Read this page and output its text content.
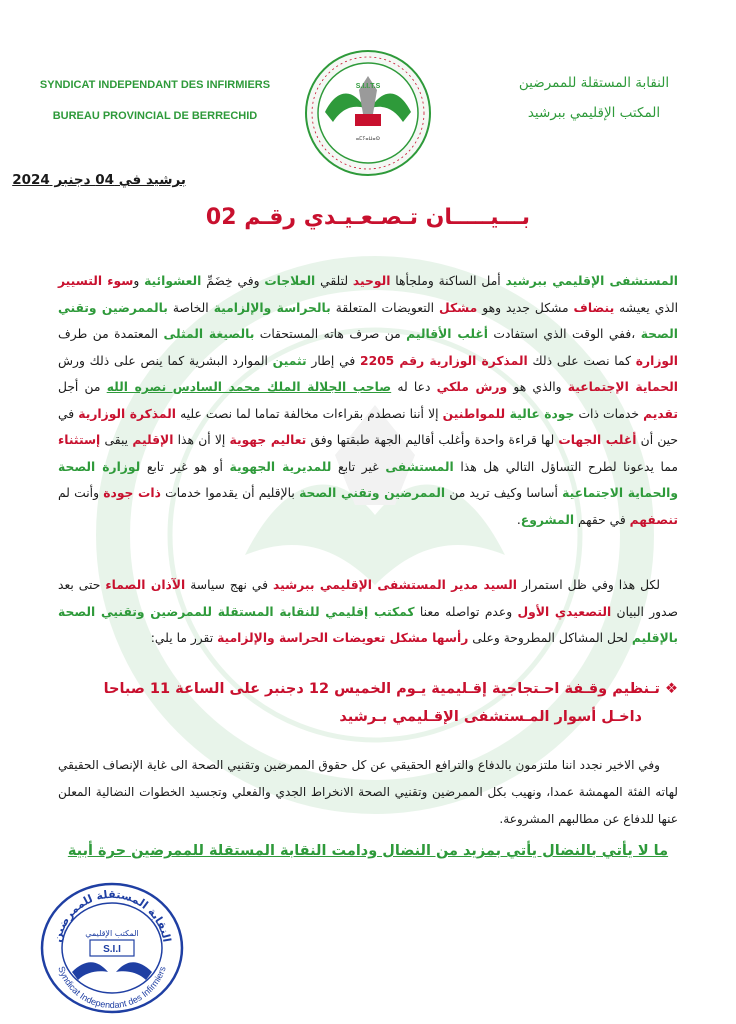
SYNDICAT INDEPENDANT DES INFIRMIERS
BUREAU PROVINCIAL DE BERRECHID
S.I.I.T.S
ⴰⵎⵢⴰⵡⴰⵙ
النقابة المستقلة للممرضين
المكتب الإقليمي ببرشيد
برشيد في 04 دجنبر 2024
بـــيـــــان تـصـعـيـدي رقـم 02
المستشفى الإقليمي ببرشيد أمل الساكنة وملجأها الوحيد لتلقي العلاجات وفي خِضَمِّ العشوائية وسوء التسيير الذي يعيشه ينضاف مشكل جديد وهو مشكل التعويضات المتعلقة بالحراسة والإلزامية الخاصة بالممرضين وتقني الصحة ،ففي الوقت الذي استفادت أغلب الأقاليم من صرف هاته المستحقات بالصيغة المثلى المعتمدة من طرف الوزارة كما نصت على ذلك المذكرة الوزارية رقم 2205 في إطار تثمين الموارد البشرية كما ينص على ذلك ورش الحماية الإجتماعية والذي هو ورش ملكي دعا له صاحب الجلالة الملك محمد السادس نصره الله من أجل تقديم خدمات ذات جودة عالية للمواطنين إلا أننا نصطدم بقراءات مخالفة تماما لما نصت عليه المذكرة الوزارية في حين أن أغلب الجهات لها قراءة واحدة وأغلب أقاليم الجهة طبقتها وفق تعاليم جهوية إلا أن هذا الإقليم يبقى إستثناء مما يدعونا لطرح التساؤل التالي هل هذا المستشفى غير تابع للمديرية الجهوية أو هو غير تابع لوزارة الصحة والحماية الاجتماعية أساسا وكيف تريد من الممرضين وتقني الصحة بالإقليم أن يقدموا خدمات ذات جودة وأنت لم تنصفهم في حقهم المشروع.
لكل هذا وفي ظل استمرار السيد مدير المستشفى الإقليمي ببرشيد في نهج سياسة الآذان الصماء حتى بعد صدور البيان التصعيدي الأول وعدم تواصله معنا كمكتب إقليمي للنقابة المستقلة للممرضين وتقنيي الصحة بالإقليم لحل المشاكل المطروحة وعلى رأسها مشكل تعويضات الحراسة والإلزامية تقرر ما يلي:
❖ تـنظيم وقـفة احـتجاجية إقـليمية يـوم الخميس 12 دجنبر على الساعة 11 صباحا
داخـل أسوار المـستشفى الإقـليمي بـرشيد
وفي الاخير نجدد اننا ملتزمون بالدفاع والترافع الحقيقي عن كل حقوق الممرضين وتقنيي الصحة الى غاية الإنصاف الحقيقي لهاته الفئة المهمشة عمدا، ونهيب بكل الممرضين وتقنيي الصحة الانخراط الجدي والفعلي وتجسيد الخطوات النضالية المعلن عنها للدفاع عن مطالبهم المشروعة.
ما لا يأتي بالنضال يأتي بمزيد من النضال ودامت النقابة المستقلة للممرضين حرة أبية
النقابة المستقلة للممرضين
المكتب الإقليمي
S.I.I
Syndicat Independant des Infirmiers
